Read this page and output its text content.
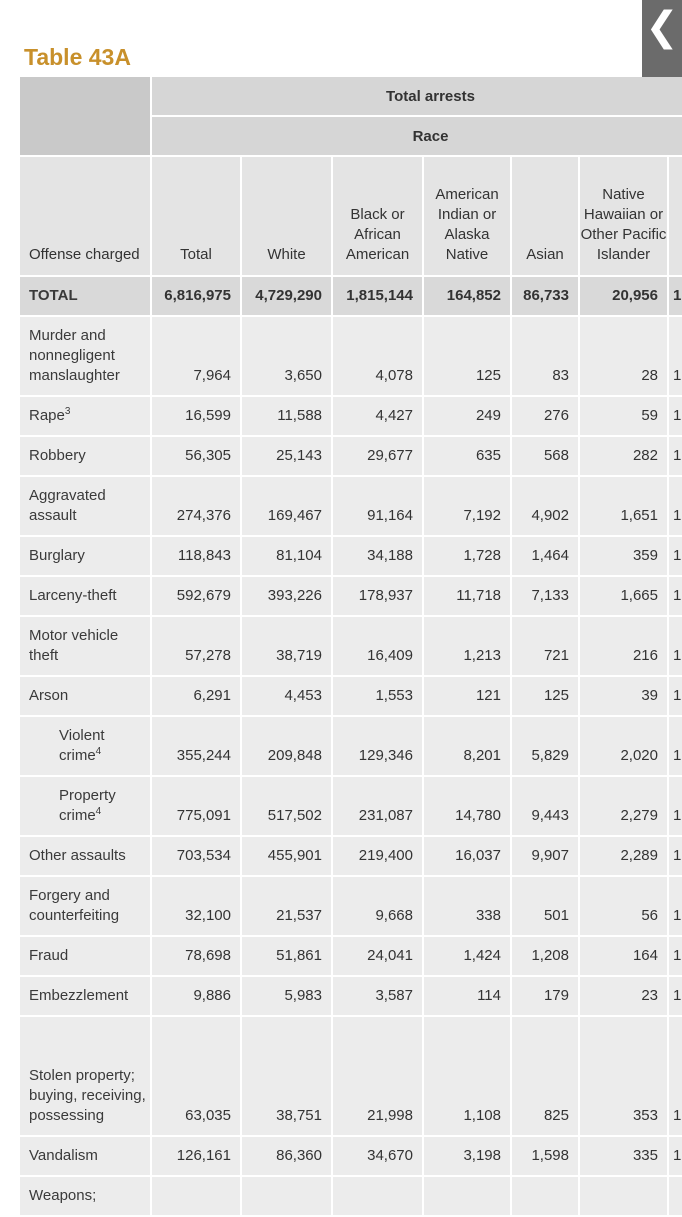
Table 43A
❮
	Total arrests						
	Race						
Offense charged	Total	White	Black or African American	American Indian or Alaska Native	Asian	Native Hawaiian or Other Pacific Islander	
TOTAL	6,816,975	4,729,290	1,815,144	164,852	86,733	20,956	1
Murder and nonnegligent manslaughter	7,964	3,650	4,078	125	83	28	1
Rape$^3$	16,599	11,588	4,427	249	276	59	1
Robbery	56,305	25,143	29,677	635	568	282	1
Aggravated assault	274,376	169,467	91,164	7,192	4,902	1,651	1
Burglary	118,843	81,104	34,188	1,728	1,464	359	1
Larceny-theft	592,679	393,226	178,937	11,718	7,133	1,665	1
Motor vehicle theft	57,278	38,719	16,409	1,213	721	216	1
Arson	6,291	4,453	1,553	121	125	39	1
Violent crime$^4$	355,244	209,848	129,346	8,201	5,829	2,020	1
Property crime$^4$	775,091	517,502	231,087	14,780	9,443	2,279	1
Other assaults	703,534	455,901	219,400	16,037	9,907	2,289	1
Forgery and counterfeiting	32,100	21,537	9,668	338	501	56	1
Fraud	78,698	51,861	24,041	1,424	1,208	164	1
Embezzlement	9,886	5,983	3,587	114	179	23	1
Stolen property; buying, receiving, possessing	63,035	38,751	21,998	1,108	825	353	1
Vandalism	126,161	86,360	34,670	3,198	1,598	335	1
Weapons;							
